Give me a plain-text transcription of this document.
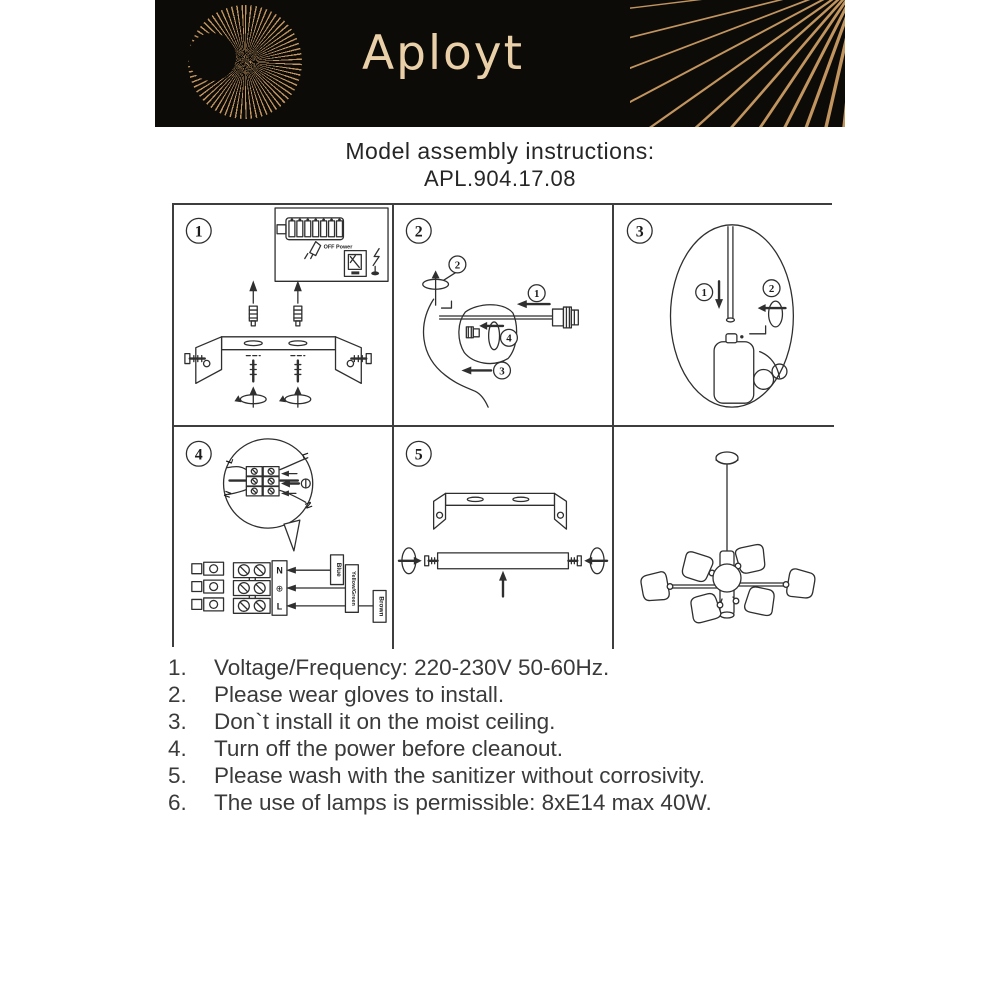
Aployt
Model assembly instructions:
APL.904.17.08
1
OFF Power
2
2
1
4
3
3
1	2
4 L
L
N
N
N
⊕
L
Blue
Yellow/Green
Brown
5
1.	Voltage/Frequency: 220-230V 50-60Hz.
2.	Please wear gloves to install.
3.	Don`t install it on the moist ceiling.
4.	Turn off the power before cleanout.
5.	Please wash with the sanitizer without corrosivity.
6.	The use of lamps is permissible: 8xE14 max 40W.
